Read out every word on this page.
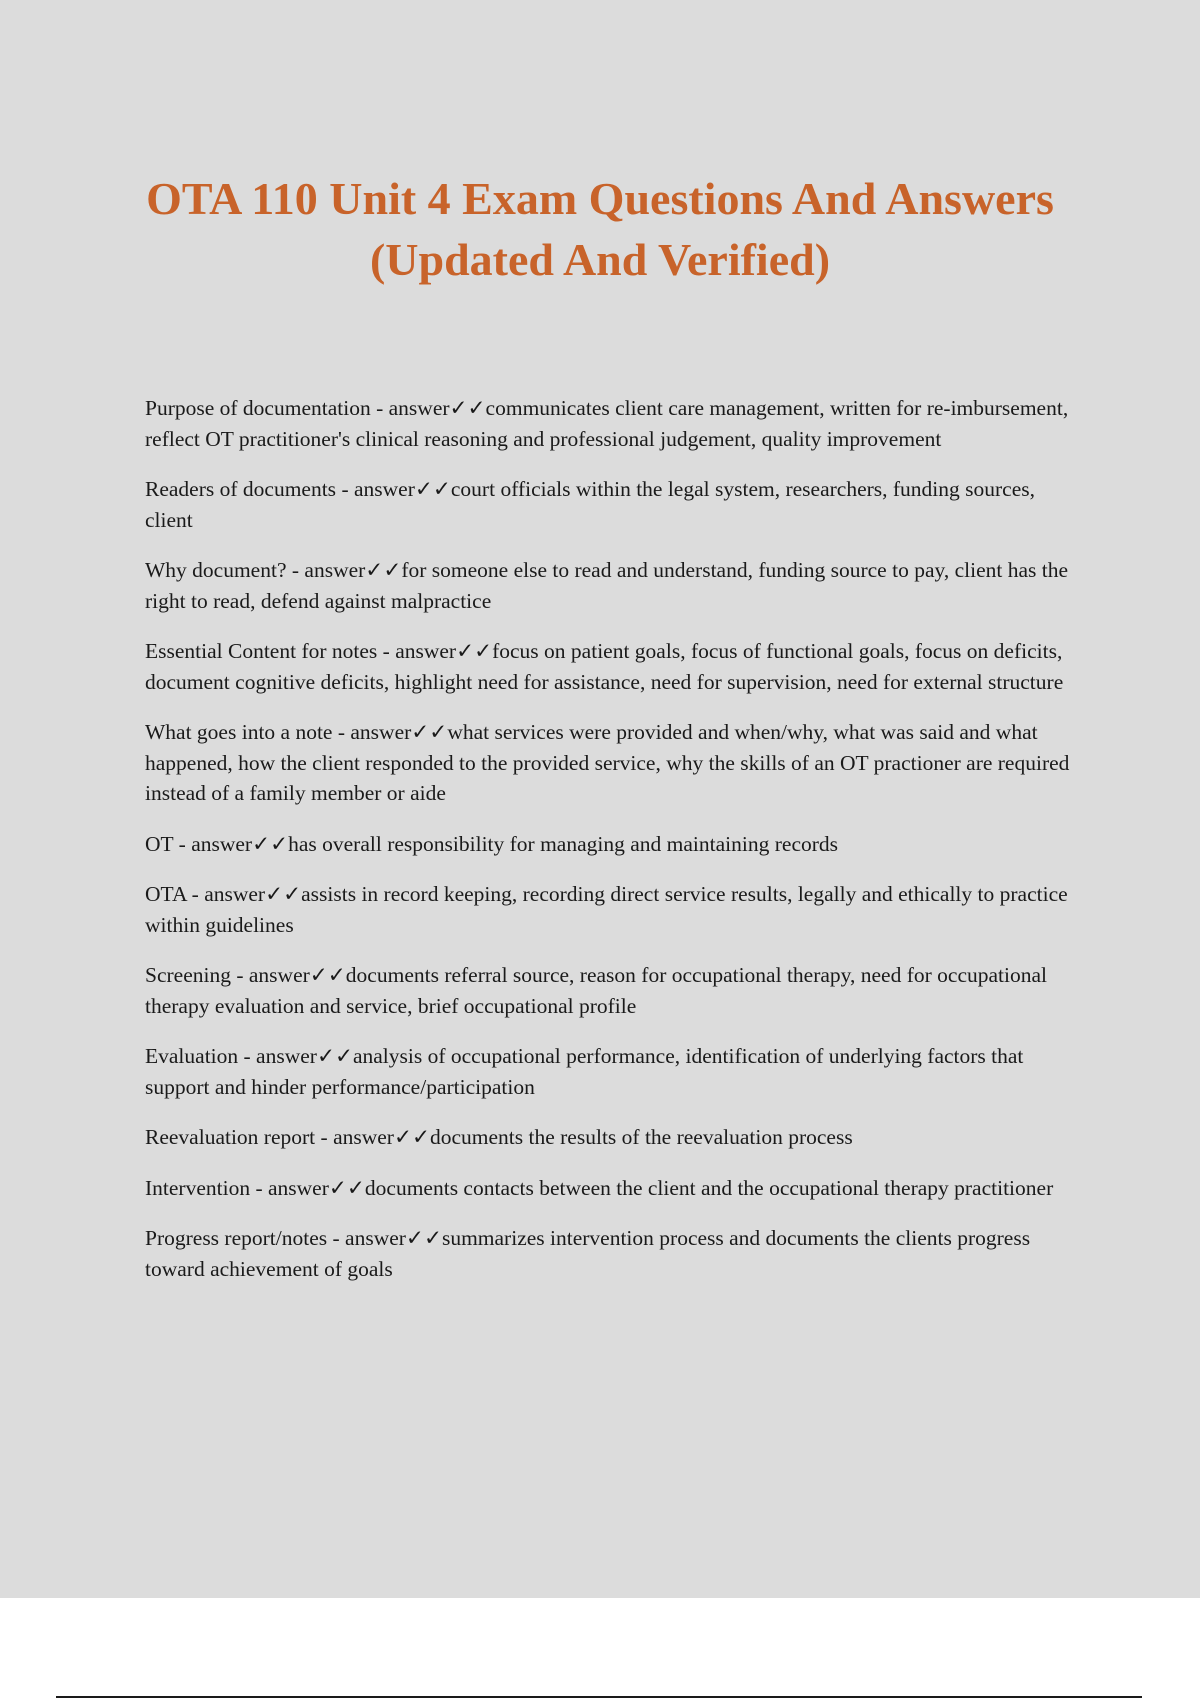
OTA 110 Unit 4 Exam Questions And Answers (Updated And Verified)
Purpose of documentation - answer✓✓communicates client care management, written for re-imbursement, reflect OT practitioner's clinical reasoning and professional judgement, quality improvement
Readers of documents - answer✓✓court officials within the legal system, researchers, funding sources, client
Why document? - answer✓✓for someone else to read and understand, funding source to pay, client has the right to read, defend against malpractice
Essential Content for notes - answer✓✓focus on patient goals, focus of functional goals, focus on deficits, document cognitive deficits, highlight need for assistance, need for supervision, need for external structure
What goes into a note - answer✓✓what services were provided and when/why, what was said and what happened, how the client responded to the provided service, why the skills of an OT practioner are required instead of a family member or aide
OT - answer✓✓has overall responsibility for managing and maintaining records
OTA - answer✓✓assists in record keeping, recording direct service results, legally and ethically to practice within guidelines
Screening - answer✓✓documents referral source, reason for occupational therapy, need for occupational therapy evaluation and service, brief occupational profile
Evaluation - answer✓✓analysis of occupational performance, identification of underlying factors that support and hinder performance/participation
Reevaluation report - answer✓✓documents the results of the reevaluation process
Intervention - answer✓✓documents contacts between the client and the occupational therapy practitioner
Progress report/notes - answer✓✓summarizes intervention process and documents the clients progress toward achievement of goals
